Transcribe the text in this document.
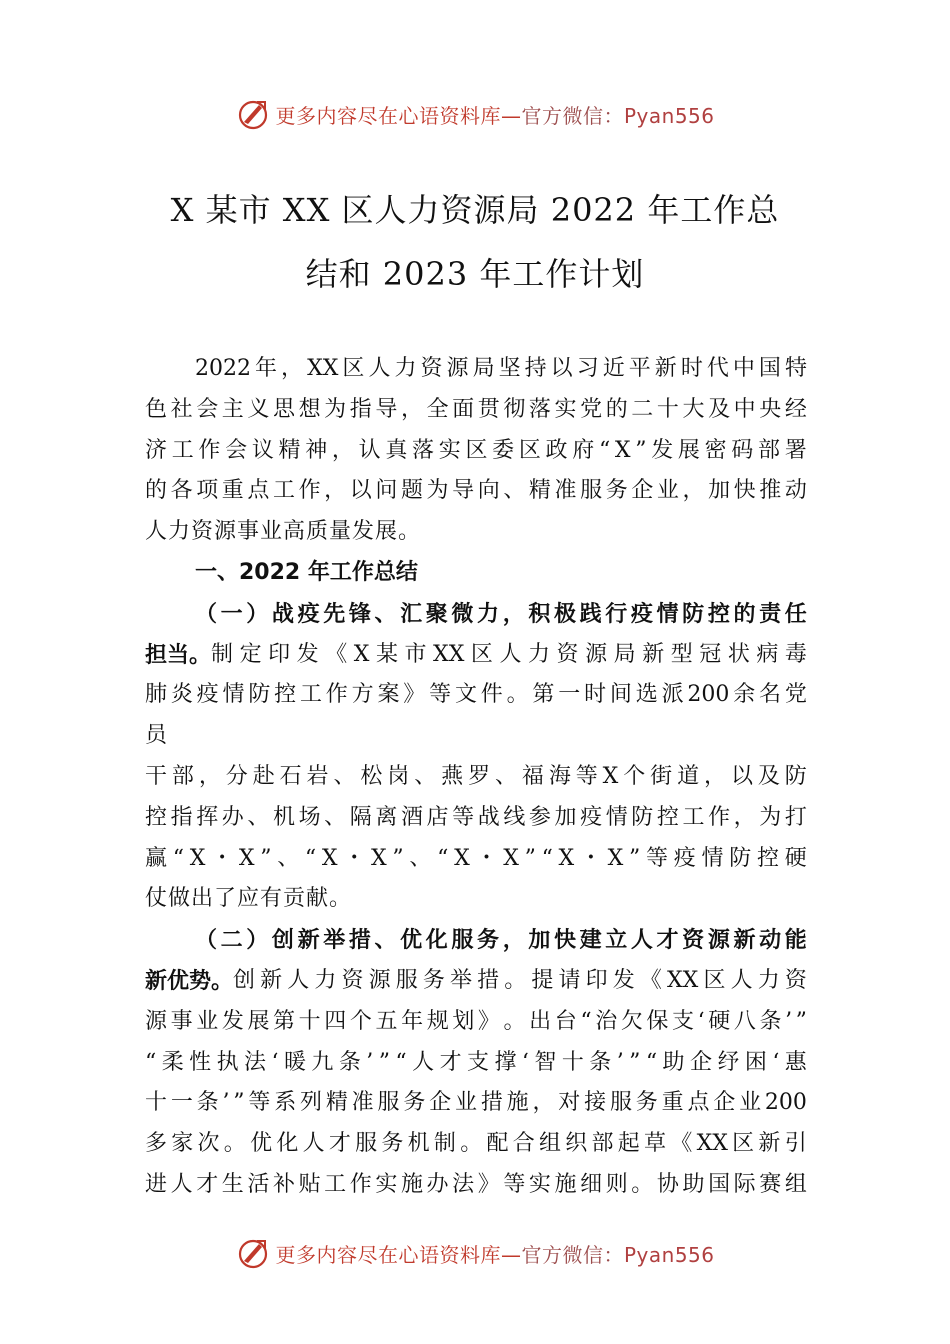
更多内容尽在心语资料库—官方微信：Pyan556
X 某市 XX 区人力资源局 2022 年工作总
结和 2023 年工作计划
2022 年 ， XX 区 人 力 资 源 局 坚 持 以 习 近 平 新 时 代 中 国 特
色 社 会 主 义 思 想 为 指 导 ， 全 面 贯 彻 落 实 党 的 二 十 大 及 中 央 经
济 工 作 会 议 精 神 ， 认 真 落 实 区 委 区 政 府 “ X ” 发 展 密 码 部 署
的 各 项 重 点 工 作 ， 以 问 题 为 导 向 、 精 准 服 务 企 业 ， 加 快 推 动
人力资源事业高质量发展。
一、2022 年工作总结
（ 一 ） 战 疫 先 锋 、 汇 聚 微 力 ， 积 极 践 行 疫 情 防 控 的 责 任
担当。 制 定 印 发 《 X 某 市 XX 区 人 力 资 源 局 新 型 冠 状 病 毒
肺 炎 疫 情 防 控 工 作 方 案 》 等 文 件 。 第 一 时 间 选 派 200 余 名 党
员
干 部 ， 分 赴 石 岩 、 松 岗 、 燕 罗 、 福 海 等 X 个 街 道 ， 以 及 防
控 指 挥 办 、 机 场 、 隔 离 酒 店 等 战 线 参 加 疫 情 防 控 工 作 ， 为 打
赢 “ X ・ X ” 、 “ X ・ X ” 、 “ X ・ X ” “ X ・ X ” 等 疫 情 防 控 硬
仗做出了应有贡献。
（ 二 ） 创 新 举 措 、 优 化 服 务 ， 加 快 建 立 人 才 资 源 新 动 能
新优势。 创 新 人 力 资 源 服 务 举 措 。 提 请 印 发 《 XX 区 人 力 资
源 事 业 发 展 第 十 四 个 五 年 规 划 》 。 出 台 “ 治 欠 保 支 ‘ 硬 八 条 ’ ”
“ 柔 性 执 法 ‘ 暖 九 条 ’ ” “ 人 才 支 撑 ‘ 智 十 条 ’ ” “ 助 企 纾 困 ‘ 惠
十 一 条 ’ ” 等 系 列 精 准 服 务 企 业 措 施 ， 对 接 服 务 重 点 企 业 200
多 家 次 。 优 化 人 才 服 务 机 制 。 配 合 组 织 部 起 草 《 XX 区 新 引
进 人 才 生 活 补 贴 工 作 实 施 办 法 》 等 实 施 细 则 。 协 助 国 际 赛 组
更多内容尽在心语资料库—官方微信：Pyan556
